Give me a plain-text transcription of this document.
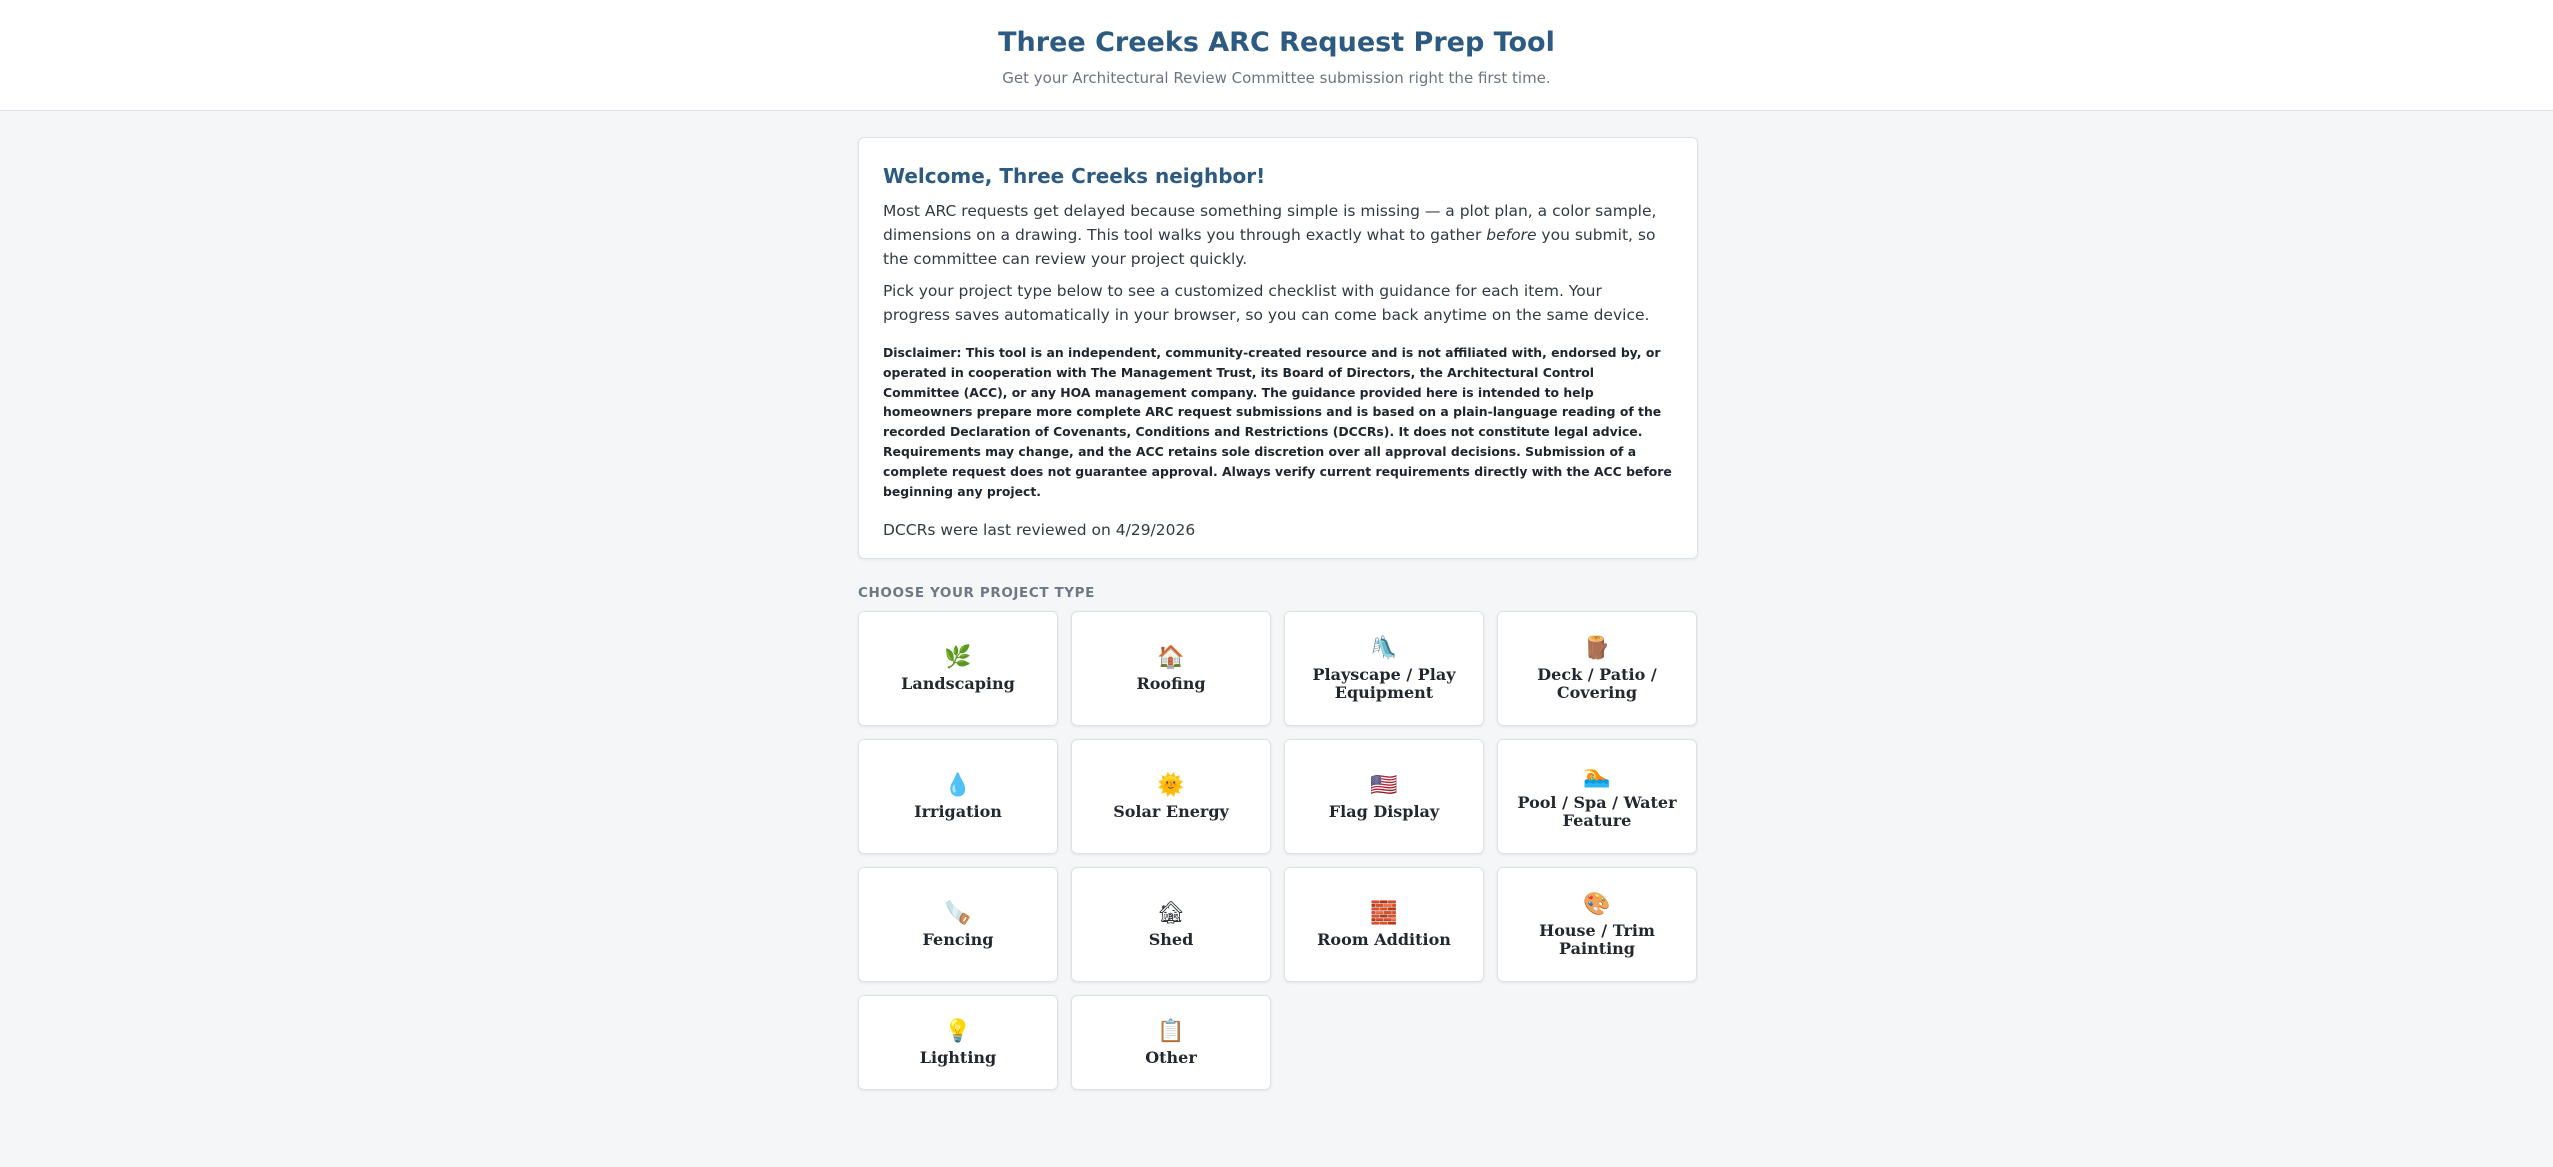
Three Creeks ARC Request Prep Tool
Get your Architectural Review Committee submission right the first time.
Welcome, Three Creeks neighbor!

Most ARC requests get delayed because something simple is missing — a plot plan, a color sample, dimensions on a drawing. This tool walks you through exactly what to gather before you submit, so the committee can review your project quickly.

Pick your project type below to see a customized checklist with guidance for each item. Your progress saves automatically in your browser, so you can come back anytime on the same device.

Disclaimer: This tool is an independent, community-created resource and is not affiliated with, endorsed by, or operated in cooperation with The Management Trust, its Board of Directors, the Architectural Control Committee (ACC), or any HOA management company. The guidance provided here is intended to help homeowners prepare more complete ARC request submissions and is based on a plain-language reading of the recorded Declaration of Covenants, Conditions and Restrictions (DCCRs). It does not constitute legal advice. Requirements may change, and the ACC retains sole discretion over all approval decisions. Submission of a complete request does not guarantee approval. Always verify current requirements directly with the ACC before beginning any project.

DCCRs were last reviewed on 4/29/2026

CHOOSE YOUR PROJECT TYPE
🌿
Landscaping
🏠
Roofing
🛝
Playscape / Play Equipment
🪵
Deck / Patio / Covering
💧
Irrigation
🌞
Solar Energy
🇺🇸
Flag Display
🏊
Pool / Spa / Water Feature
🪚
Fencing
🏚
Shed
🧱
Room Addition
🎨
House / Trim Painting
💡
Lighting
📋
Other
